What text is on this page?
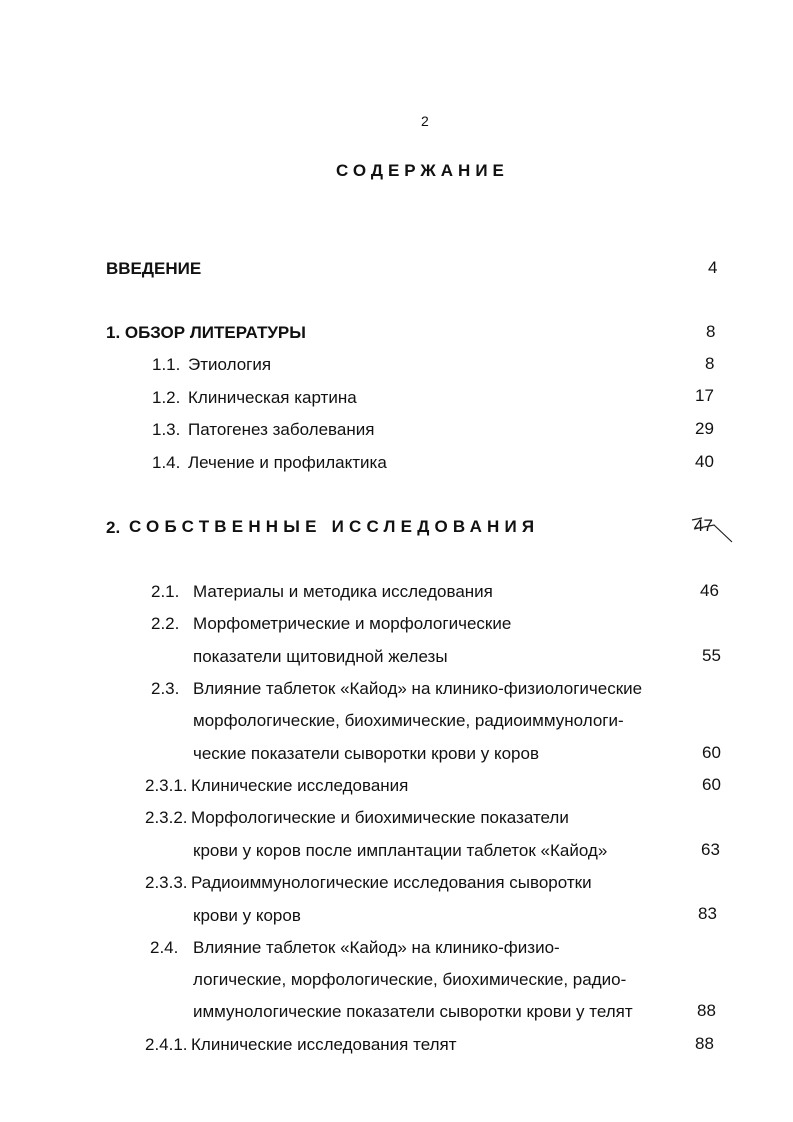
2
СОДЕРЖАНИЕ
ВВЕДЕНИЕ	4
1. ОБЗОР ЛИТЕРАТУРЫ	8
1.1. Этиология	8
1.2. Клиническая картина	17
1.3. Патогенез заболевания	29
1.4. Лечение и профилактика	40
2. СОБСТВЕННЫЕ ИССЛЕДОВАНИЯ	47
2.1. Материалы и методика исследования	46
2.2. Морфометрические и морфологические
показатели щитовидной железы	55
2.3. Влияние таблеток «Кайод» на клинико-физиологические
морфологические, биохимические, радиоиммунологи-
ческие показатели сыворотки крови у коров	60
2.3.1. Клинические исследования	60
2.3.2. Морфологические и биохимические показатели
крови у коров после имплантации таблеток «Кайод»	63
2.3.3. Радиоиммунологические исследования сыворотки
крови у коров	83
2.4. Влияние таблеток «Кайод» на клинико-физио-
логические, морфологические, биохимические, радио-
иммунологические показатели сыворотки крови у телят	88
2.4.1. Клинические исследования телят	88
